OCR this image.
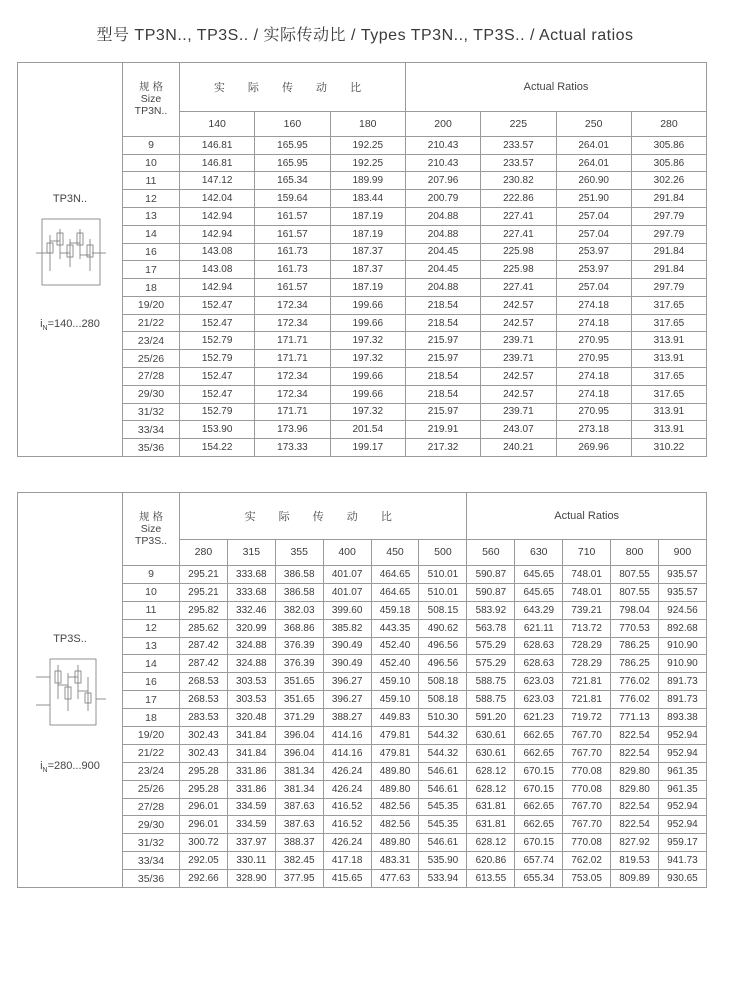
型号 TP3N.., TP3S.. / 实际传动比 / Types TP3N.., TP3S.. / Actual ratios
TP3N..
$i_N=140...280$
规 格
Size
TP3N..	实 际 传 动 比			Actual Ratios			
	140	160	180	200	225	250	280
9	146.81	165.95	192.25	210.43	233.57	264.01	305.86
10	146.81	165.95	192.25	210.43	233.57	264.01	305.86
11	147.12	165.34	189.99	207.96	230.82	260.90	302.26
12	142.04	159.64	183.44	200.79	222.86	251.90	291.84
13	142.94	161.57	187.19	204.88	227.41	257.04	297.79
14	142.94	161.57	187.19	204.88	227.41	257.04	297.79
16	143.08	161.73	187.37	204.45	225.98	253.97	291.84
17	143.08	161.73	187.37	204.45	225.98	253.97	291.84
18	142.94	161.57	187.19	204.88	227.41	257.04	297.79
19/20	152.47	172.34	199.66	218.54	242.57	274.18	317.65
21/22	152.47	172.34	199.66	218.54	242.57	274.18	317.65
23/24	152.79	171.71	197.32	215.97	239.71	270.95	313.91
25/26	152.79	171.71	197.32	215.97	239.71	270.95	313.91
27/28	152.47	172.34	199.66	218.54	242.57	274.18	317.65
29/30	152.47	172.34	199.66	218.54	242.57	274.18	317.65
31/32	152.79	171.71	197.32	215.97	239.71	270.95	313.91
33/34	153.90	173.96	201.54	219.91	243.07	273.18	313.91
35/36	154.22	173.33	199.17	217.32	240.21	269.96	310.22
TP3S..
$i_N=280...900$
规 格
Size
TP3S..	实 际 传 动 比						Actual Ratios				
	280	315	355	400	450	500	560	630	710	800	900
9	295.21	333.68	386.58	401.07	464.65	510.01	590.87	645.65	748.01	807.55	935.57
10	295.21	333.68	386.58	401.07	464.65	510.01	590.87	645.65	748.01	807.55	935.57
11	295.82	332.46	382.03	399.60	459.18	508.15	583.92	643.29	739.21	798.04	924.56
12	285.62	320.99	368.86	385.82	443.35	490.62	563.78	621.11	713.72	770.53	892.68
13	287.42	324.88	376.39	390.49	452.40	496.56	575.29	628.63	728.29	786.25	910.90
14	287.42	324.88	376.39	390.49	452.40	496.56	575.29	628.63	728.29	786.25	910.90
16	268.53	303.53	351.65	396.27	459.10	508.18	588.75	623.03	721.81	776.02	891.73
17	268.53	303.53	351.65	396.27	459.10	508.18	588.75	623.03	721.81	776.02	891.73
18	283.53	320.48	371.29	388.27	449.83	510.30	591.20	621.23	719.72	771.13	893.38
19/20	302.43	341.84	396.04	414.16	479.81	544.32	630.61	662.65	767.70	822.54	952.94
21/22	302.43	341.84	396.04	414.16	479.81	544.32	630.61	662.65	767.70	822.54	952.94
23/24	295.28	331.86	381.34	426.24	489.80	546.61	628.12	670.15	770.08	829.80	961.35
25/26	295.28	331.86	381.34	426.24	489.80	546.61	628.12	670.15	770.08	829.80	961.35
27/28	296.01	334.59	387.63	416.52	482.56	545.35	631.81	662.65	767.70	822.54	952.94
29/30	296.01	334.59	387.63	416.52	482.56	545.35	631.81	662.65	767.70	822.54	952.94
31/32	300.72	337.97	388.37	426.24	489.80	546.61	628.12	670.15	770.08	827.92	959.17
33/34	292.05	330.11	382.45	417.18	483.31	535.90	620.86	657.74	762.02	819.53	941.73
35/36	292.66	328.90	377.95	415.65	477.63	533.94	613.55	655.34	753.05	809.89	930.65
